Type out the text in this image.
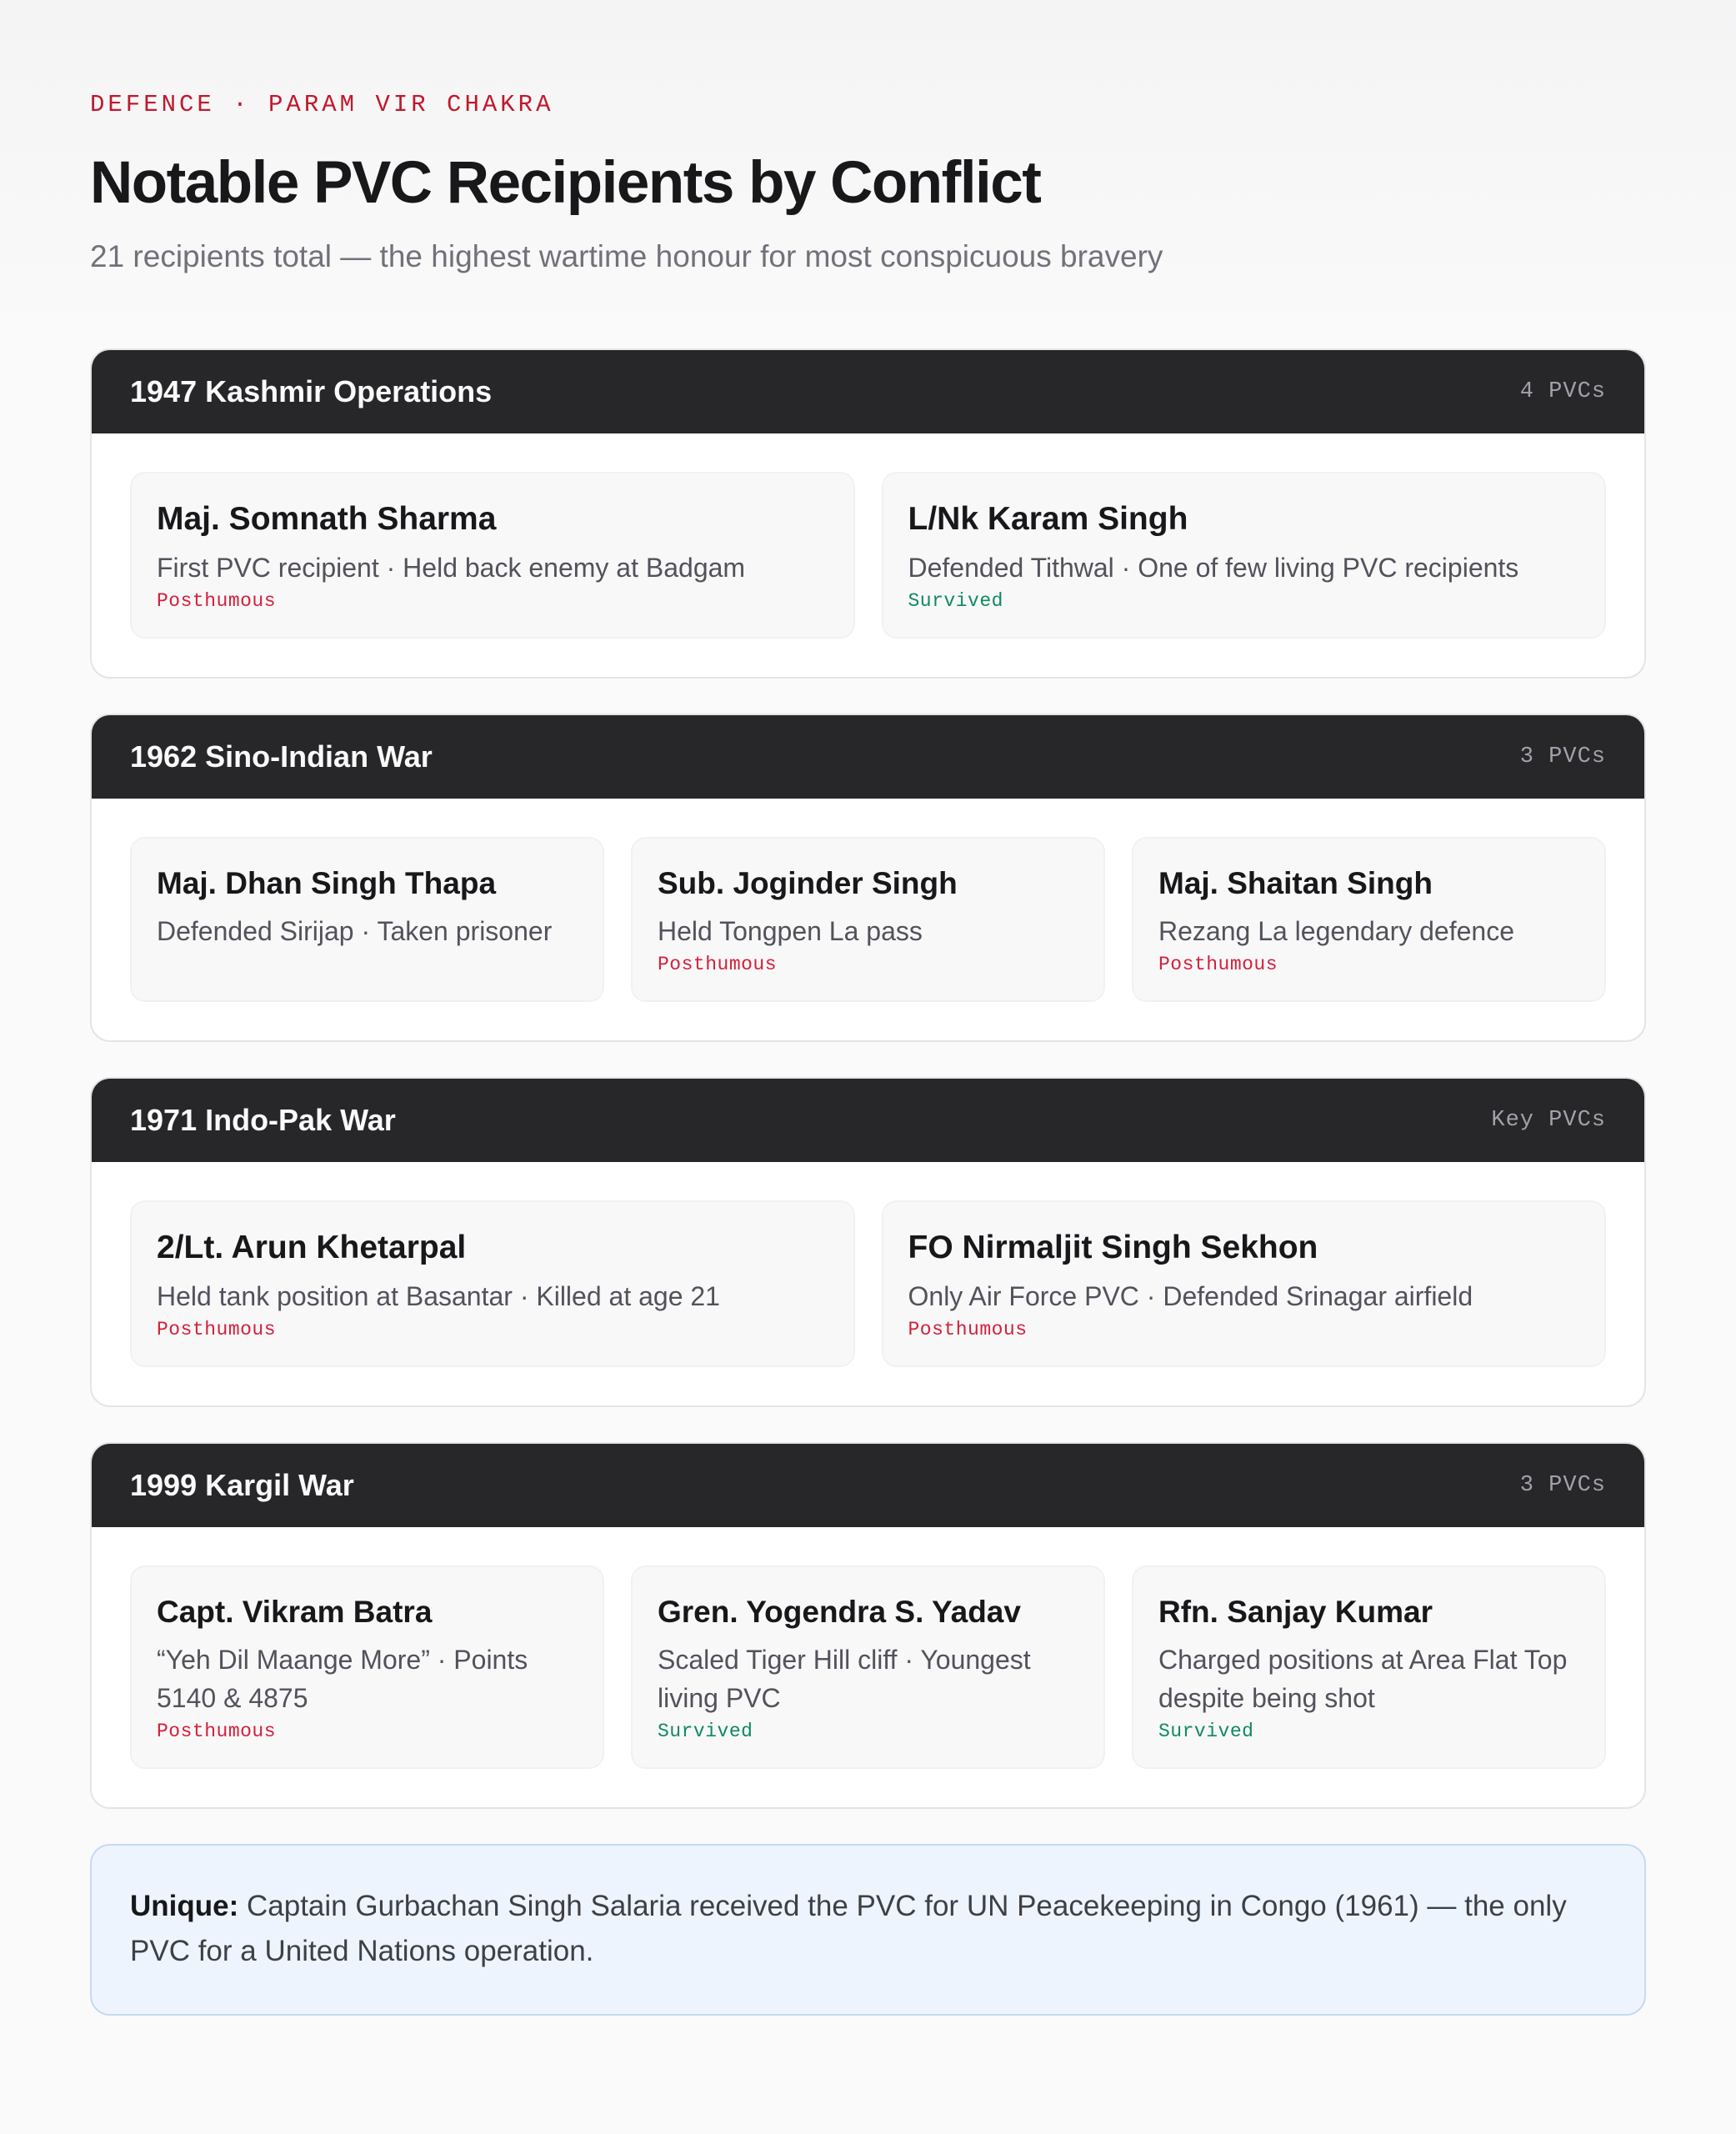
DEFENCE · PARAM VIR CHAKRA
Notable PVC Recipients by Conflict
21 recipients total — the highest wartime honour for most conspicuous bravery
1947 Kashmir Operations	4 PVCs
Maj. Somnath Sharma
First PVC recipient · Held back enemy at Badgam
Posthumous
L/Nk Karam Singh
Defended Tithwal · One of few living PVC recipients
Survived
1962 Sino-Indian War	3 PVCs
Maj. Dhan Singh Thapa
Defended Sirijap · Taken prisoner
Sub. Joginder Singh
Held Tongpen La pass
Posthumous
Maj. Shaitan Singh
Rezang La legendary defence
Posthumous
1971 Indo-Pak War	Key PVCs
2/Lt. Arun Khetarpal
Held tank position at Basantar · Killed at age 21
Posthumous
FO Nirmaljit Singh Sekhon
Only Air Force PVC · Defended Srinagar airfield
Posthumous
1999 Kargil War	3 PVCs
Capt. Vikram Batra
“Yeh Dil Maange More” · Points 5140 & 4875
Posthumous
Gren. Yogendra S. Yadav
Scaled Tiger Hill cliff · Youngest living PVC
Survived
Rfn. Sanjay Kumar
Charged positions at Area Flat Top despite being shot
Survived
Unique: Captain Gurbachan Singh Salaria received the PVC for UN Peacekeeping in Congo (1961) — the only PVC for a United Nations operation.
